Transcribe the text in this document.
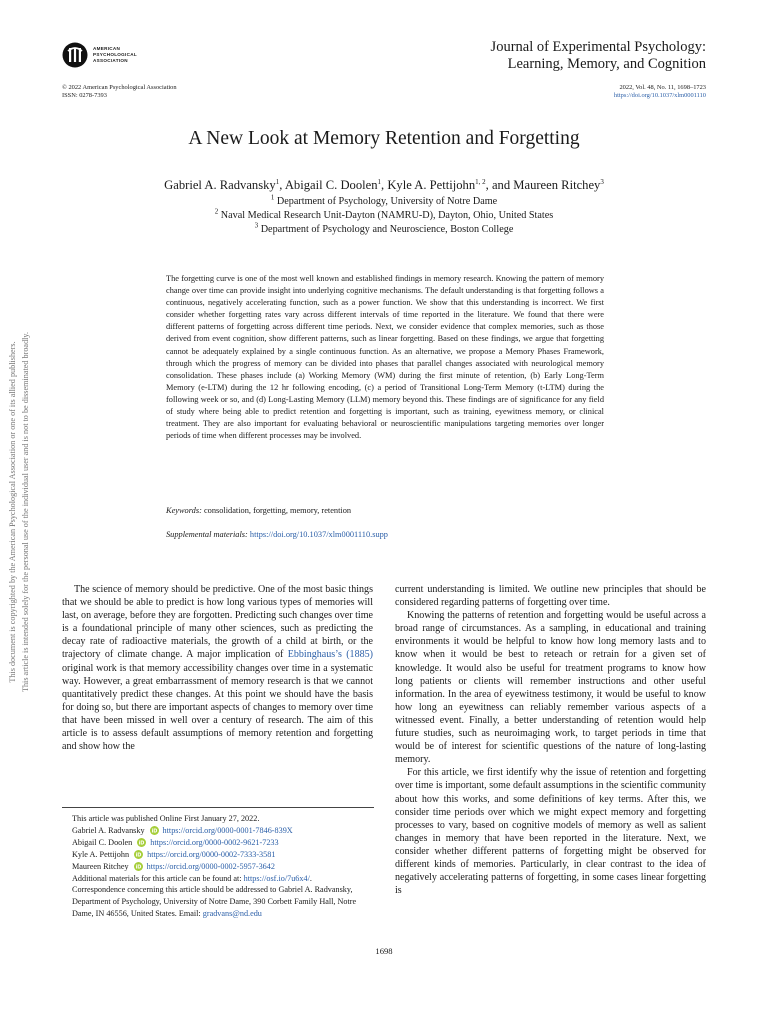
AMERICAN
PSYCHOLOGICAL
ASSOCIATION
Journal of Experimental Psychology:
Learning, Memory, and Cognition
© 2022 American Psychological Association
ISSN: 0278-7393
2022, Vol. 48, No. 11, 1698–1723
https://doi.org/10.1037/xlm0001110
A New Look at Memory Retention and Forgetting
Gabriel A. Radvansky$^1$, Abigail C. Doolen$^1$, Kyle A. Pettijohn$^{1, 2}$, and Maureen Ritchey$^3$
$^1$ Department of Psychology, University of Notre Dame
$^2$ Naval Medical Research Unit-Dayton (NAMRU-D), Dayton, Ohio, United States
$^3$ Department of Psychology and Neuroscience, Boston College
The forgetting curve is one of the most well known and established findings in memory research. Knowing the pattern of memory change over time can provide insight into underlying cognitive mechanisms. The default understanding is that forgetting follows a continuous, negatively accelerating function, such as a power function. We show that this understanding is incorrect. We first consider whether forgetting rates vary across different intervals of time reported in the literature. We found that there were different patterns of forgetting across different time periods. Next, we consider evidence that complex memories, such as those derived from event cognition, show different patterns, such as linear forgetting. Based on these findings, we argue that forgetting cannot be adequately explained by a single continuous function. As an alternative, we propose a Memory Phases Framework, through which the progress of memory can be divided into phases that parallel changes associated with neurological memory consolidation. These phases include (a) Working Memory (WM) during the first minute of retention, (b) Early Long-Term Memory (e-LTM) during the 12 hr following encoding, (c) a period of Transitional Long-Term Memory (t-LTM) during the following week or so, and (d) Long-Lasting Memory (LLM) memory beyond this. These findings are of significance for any field of study where being able to predict retention and forgetting is important, such as training, eyewitness memory, or clinical treatment. They are also important for evaluating behavioral or neuroscientific manipulations targeting memories over longer periods of time when different processes may be involved.
Keywords: consolidation, forgetting, memory, retention
Supplemental materials: https://doi.org/10.1037/xlm0001110.supp
This document is copyrighted by the American Psychological Association or one of its allied publishers. This article is intended solely for the personal use of the individual user and is not to be disseminated broadly.	The science of memory should be predictive. One of the most basic things that we should be able to predict is how long various types of memories will last, on average, before they are forgotten. Predicting such changes over time is a foundational principle of many other sciences, such as predicting the decay rate of radioactive materials, the growth of a child at birth, or the trajectory of climate change. A major implication of Ebbinghaus’s (1885) original work is that memory accessibility changes over time in a systematic way. However, a great embarrassment of memory research is that we cannot quantitatively predict these changes. At this point we should have the basis for doing so, but there are important aspects of changes to memory over time that have been missed in well over a century of research. The aim of this article is to assess default assumptions of memory retention and forgetting and show how the

current understanding is limited. We outline new principles that should be considered regarding patterns of forgetting over time.

Knowing the patterns of retention and forgetting would be useful across a broad range of circumstances. As a sampling, in educational and training environments it would be helpful to know how long memory lasts and to know when it would be best to reteach or retrain for a given set of knowledge. It would also be useful for treatment programs to know how long patients or clients will remember instructions and other useful information. In the area of eyewitness testimony, it would be useful to know how long an eyewitness can reliably remember various aspects of a witnessed event. Finally, a better understanding of retention would help future studies, such as neuroimaging work, to target periods in time that would be of interest for scientific questions of the nature of long-lasting memory.

For this article, we first identify why the issue of retention and forgetting over time is important, some default assumptions in the scientific community about how this works, and some definitions of key terms. After this, we consider time periods over which we might expect memory and forgetting processes to vary, based on cognitive models of memory as well as salient changes in memory that have been reported in the literature. Next, we consider whether different patterns of forgetting might be observed for different kinds of memories. Particularly, in clear contrast to the idea of negatively accelerating patterns of forgetting, in some cases linear forgetting is

This article was published Online First January 27, 2022.
Gabriel A. Radvansky iD https://orcid.org/0000-0001-7846-839X
Abigail C. Doolen iD https://orcid.org/0000-0002-9621-7233
Kyle A. Pettijohn iD https://orcid.org/0000-0002-7333-3581
Maureen Ritchey iD https://orcid.org/0000-0002-5957-3642
Additional materials for this article can be found at: https://osf.io/7u6x4/.
Correspondence concerning this article should be addressed to Gabriel A. Radvansky, Department of Psychology, University of Notre Dame, 390 Corbett Family Hall, Notre Dame, IN 46556, United States. Email: gradvans@nd.edu
1698
